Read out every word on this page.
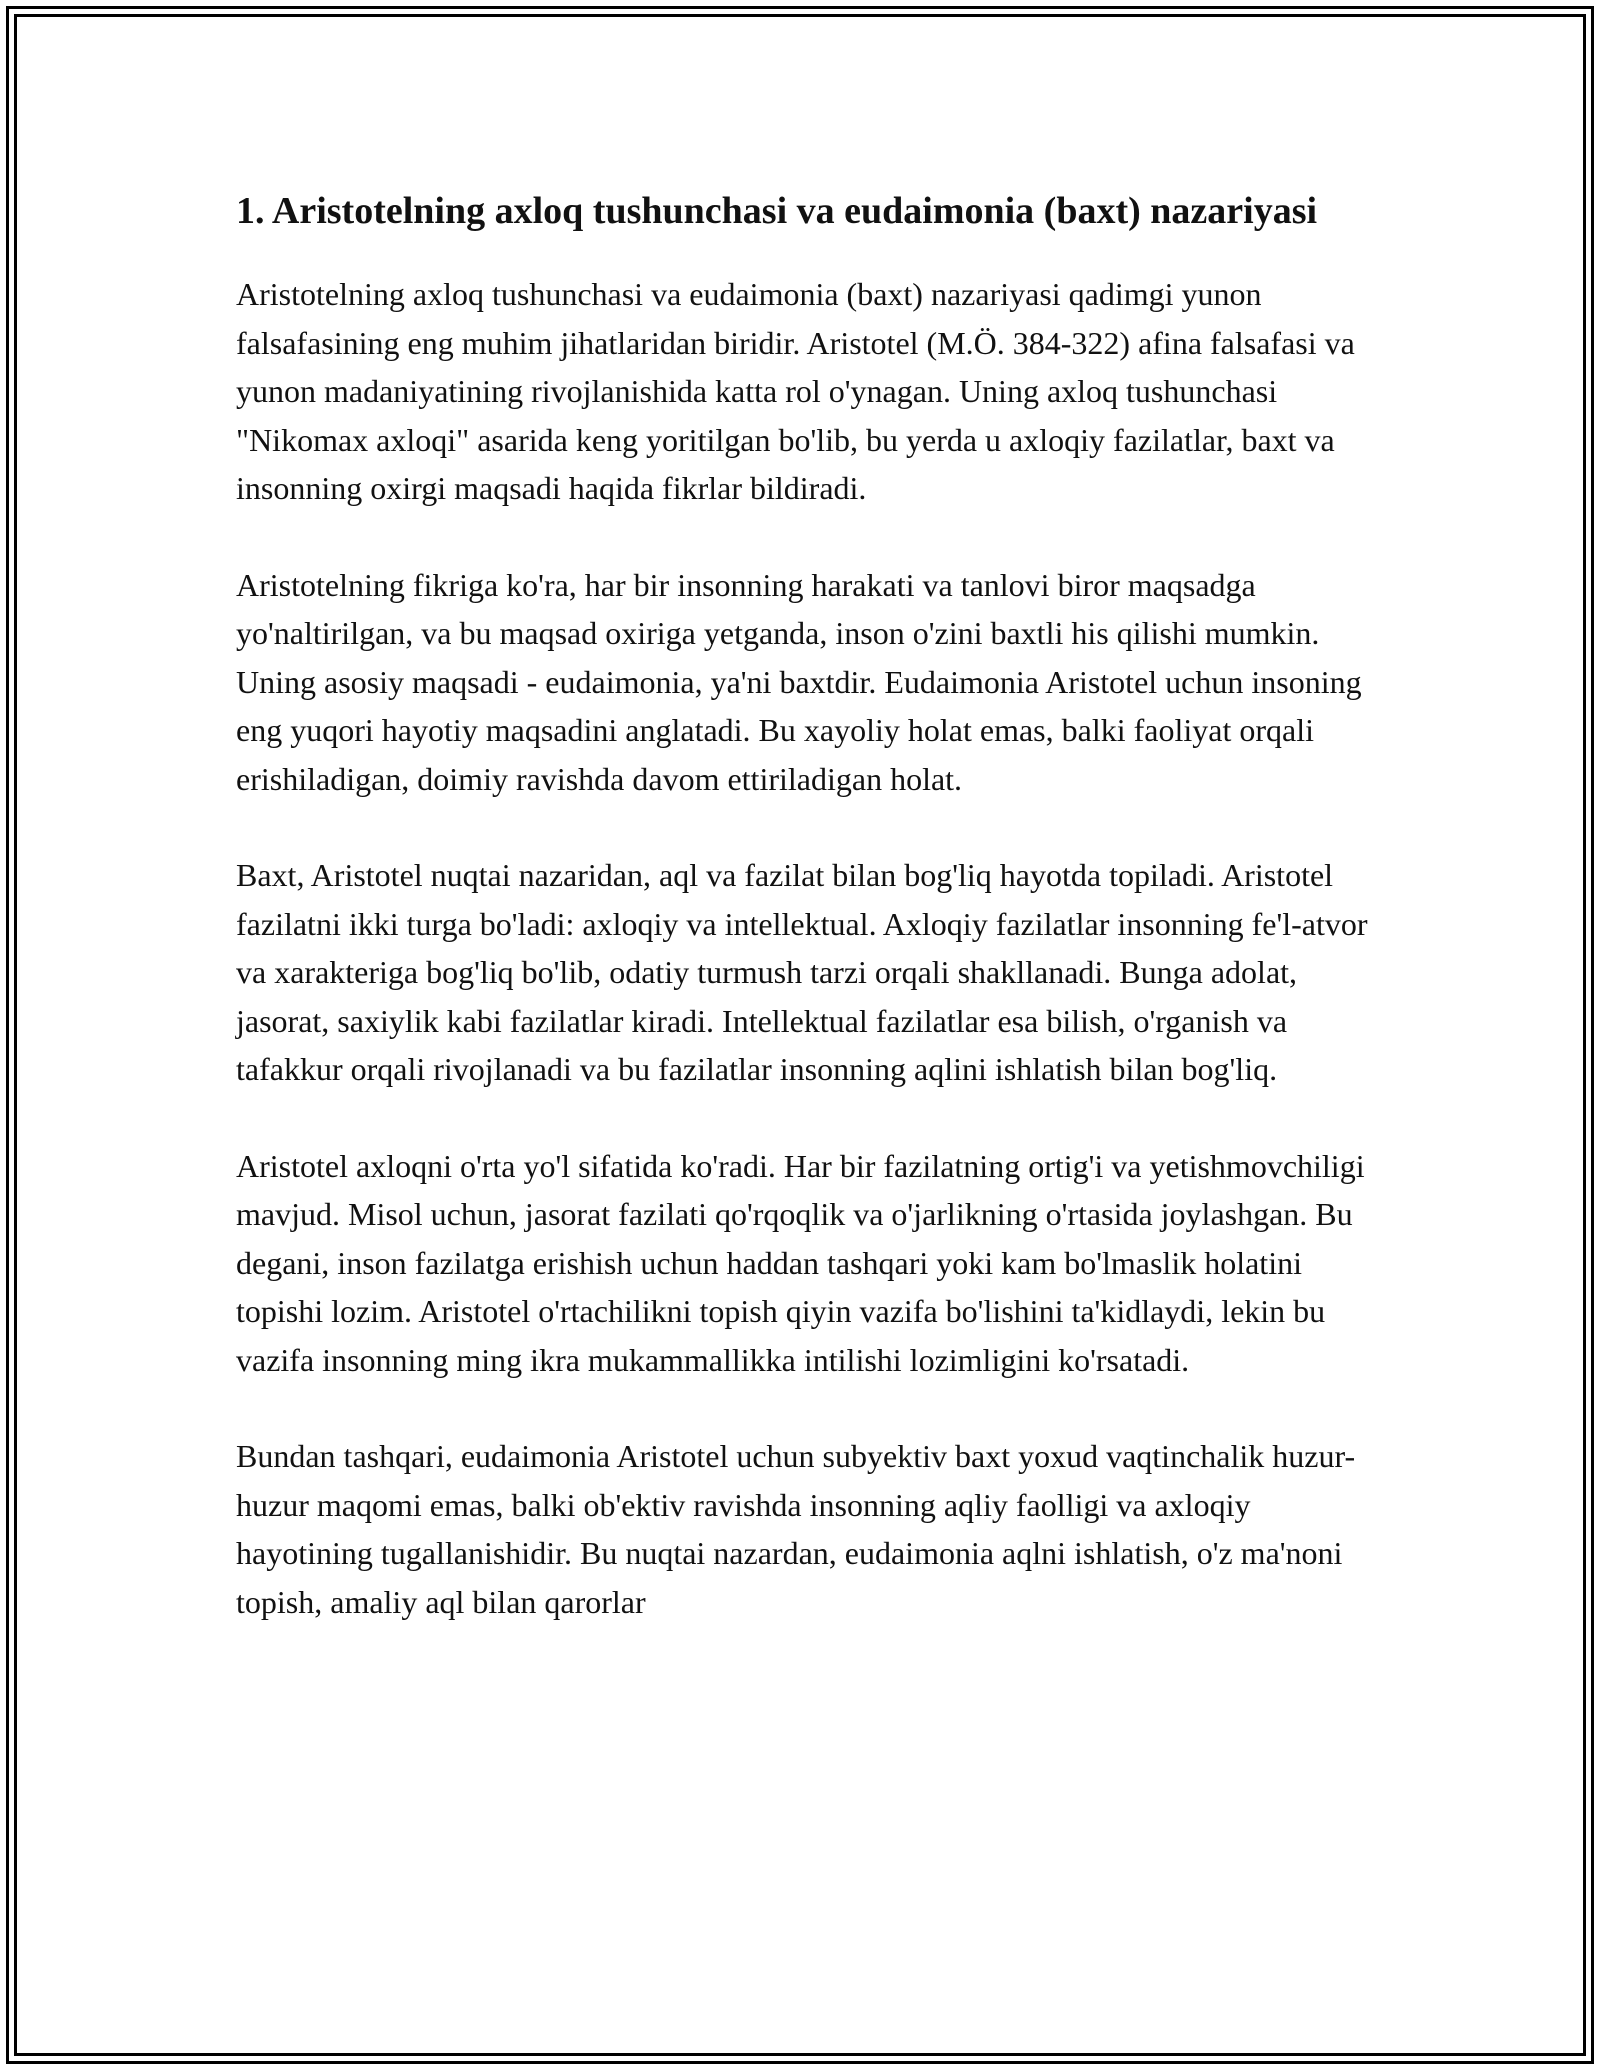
1. Aristotelning axloq tushunchasi va eudaimonia (baxt) nazariyasi

Aristotelning axloq tushunchasi va eudaimonia (baxt) nazariyasi qadimgi yunon falsafasining eng muhim jihatlaridan biridir. Aristotel (M.Ö. 384-322) afina falsafasi va yunon madaniyatining rivojlanishida katta rol o'ynagan. Uning axloq tushunchasi "Nikomax axloqi" asarida keng yoritilgan bo'lib, bu yerda u axloqiy fazilatlar, baxt va insonning oxirgi maqsadi haqida fikrlar bildiradi.

Aristotelning fikriga ko'ra, har bir insonning harakati va tanlovi biror maqsadga yo'naltirilgan, va bu maqsad oxiriga yetganda, inson o'zini baxtli his qilishi mumkin. Uning asosiy maqsadi - eudaimonia, ya'ni baxtdir. Eudaimonia Aristotel uchun insoning eng yuqori hayotiy maqsadini anglatadi. Bu xayoliy holat emas, balki faoliyat orqali erishiladigan, doimiy ravishda davom ettiriladigan holat.

Baxt, Aristotel nuqtai nazaridan, aql va fazilat bilan bog'liq hayotda topiladi. Aristotel fazilatni ikki turga bo'ladi: axloqiy va intellektual. Axloqiy fazilatlar insonning fe'l-atvor va xarakteriga bog'liq bo'lib, odatiy turmush tarzi orqali shakllanadi. Bunga adolat, jasorat, saxiylik kabi fazilatlar kiradi. Intellektual fazilatlar esa bilish, o'rganish va tafakkur orqali rivojlanadi va bu fazilatlar insonning aqlini ishlatish bilan bog'liq.

Aristotel axloqni o'rta yo'l sifatida ko'radi. Har bir fazilatning ortig'i va yetishmovchiligi mavjud. Misol uchun, jasorat fazilati qo'rqoqlik va o'jarlikning o'rtasida joylashgan. Bu degani, inson fazilatga erishish uchun haddan tashqari yoki kam bo'lmaslik holatini topishi lozim. Aristotel o'rtachilikni topish qiyin vazifa bo'lishini ta'kidlaydi, lekin bu vazifa insonning ming ikra mukammallikka intilishi lozimligini ko'rsatadi.

Bundan tashqari, eudaimonia Aristotel uchun subyektiv baxt yoxud vaqtinchalik huzur-huzur maqomi emas, balki ob'ektiv ravishda insonning aqliy faolligi va axloqiy hayotining tugallanishidir. Bu nuqtai nazardan, eudaimonia aqlni ishlatish, o'z ma'noni topish, amaliy aql bilan qarorlar
